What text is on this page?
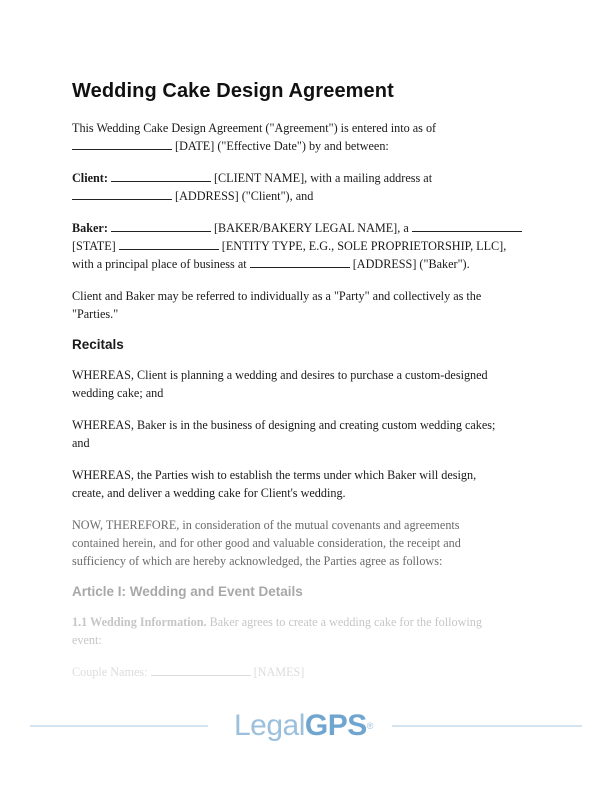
Wedding Cake Design Agreement

This Wedding Cake Design Agreement ("Agreement") is entered into as of
[DATE] ("Effective Date") by and between:

Client:	[CLIENT NAME], with a mailing address at
[ADDRESS] ("Client"), and

Baker:	[BAKER/BAKERY LEGAL NAME], a
[STATE]	[ENTITY TYPE, E.G., SOLE PROPRIETORSHIP, LLC],
with a principal place of business at	[ADDRESS] ("Baker").

Client and Baker may be referred to individually as a "Party" and collectively as the
"Parties."

Recitals

WHEREAS, Client is planning a wedding and desires to purchase a custom-designed
wedding cake; and

WHEREAS, Baker is in the business of designing and creating custom wedding cakes;
and

WHEREAS, the Parties wish to establish the terms under which Baker will design,
create, and deliver a wedding cake for Client's wedding.

NOW, THEREFORE, in consideration of the mutual covenants and agreements
contained herein, and for other good and valuable consideration, the receipt and
sufficiency of which are hereby acknowledged, the Parties agree as follows:

Article I: Wedding and Event Details

1.1 Wedding Information. Baker agrees to create a wedding cake for the following
event:

Couple Names:	[NAMES]

LegalGPS®
